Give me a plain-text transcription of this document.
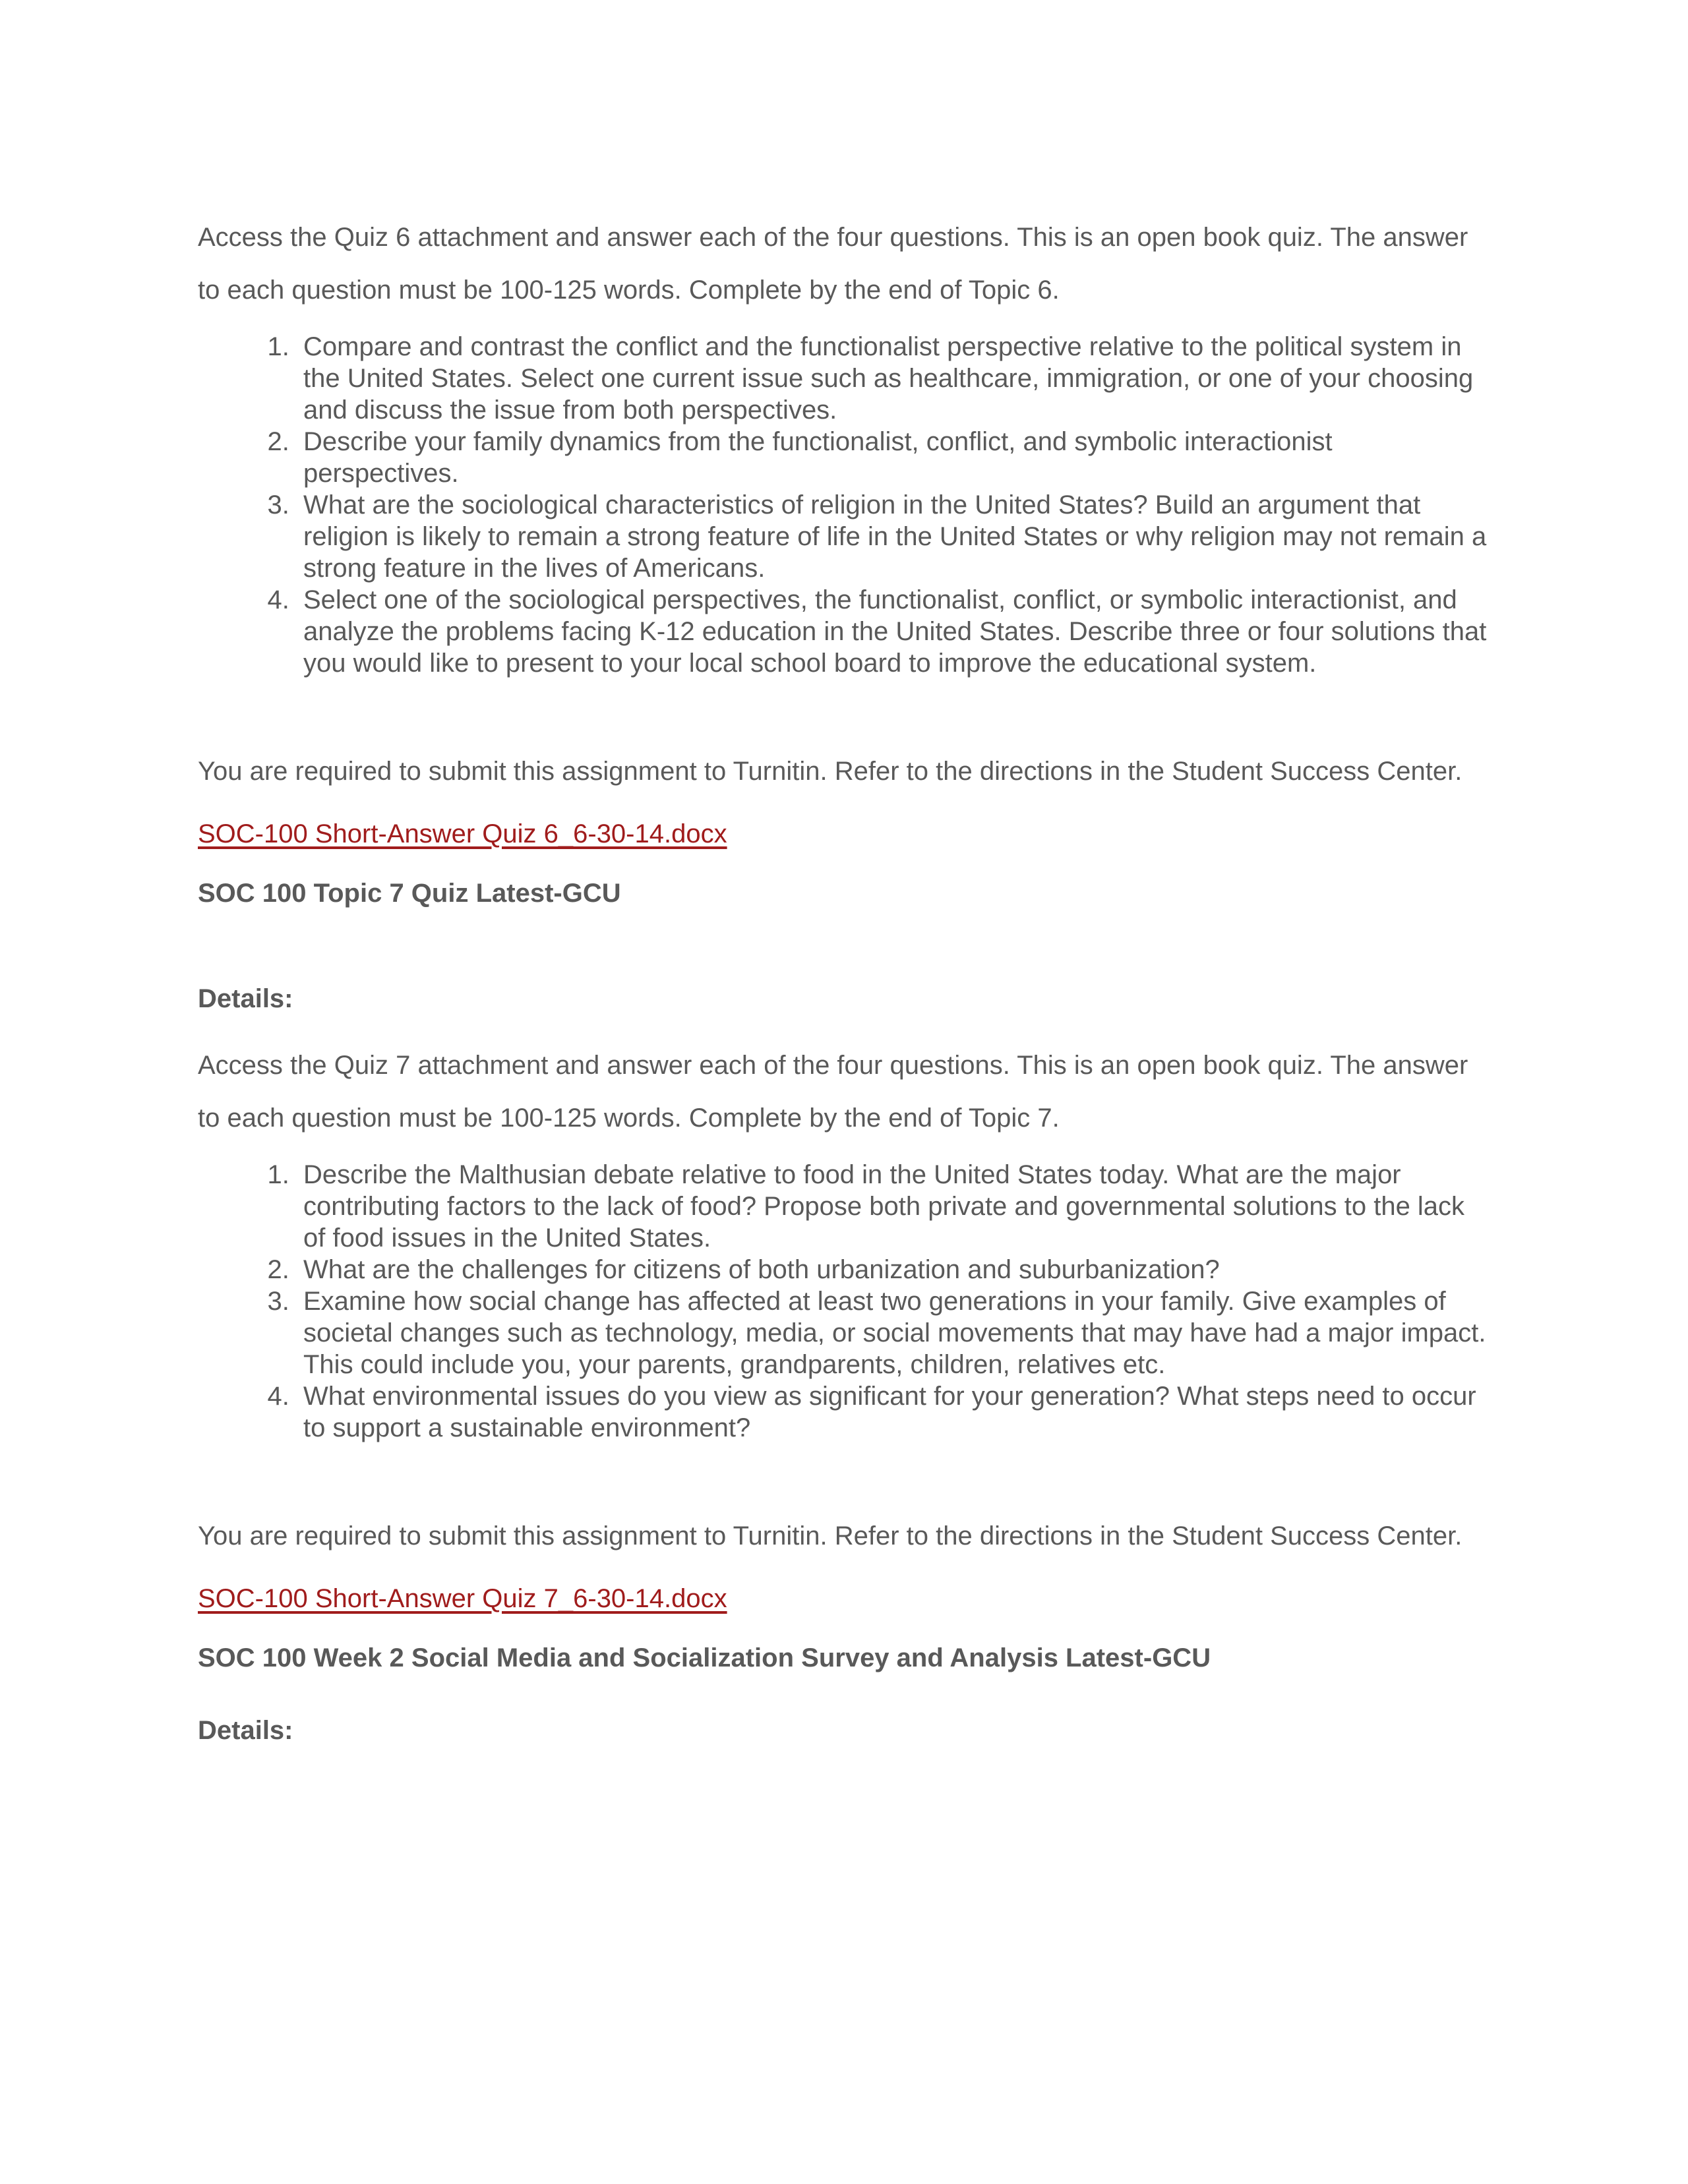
Access the Quiz 6 attachment and answer each of the four questions. This is an open book quiz. The answer to each question must be 100-125 words. Complete by the end of Topic 6.

1. Compare and contrast the conflict and the functionalist perspective relative to the political system in the United States. Select one current issue such as healthcare, immigration, or one of your choosing and discuss the issue from both perspectives.
2. Describe your family dynamics from the functionalist, conflict, and symbolic interactionist perspectives.
3. What are the sociological characteristics of religion in the United States? Build an argument that religion is likely to remain a strong feature of life in the United States or why religion may not remain a strong feature in the lives of Americans.
4. Select one of the sociological perspectives, the functionalist, conflict, or symbolic interactionist, and analyze the problems facing K-12 education in the United States. Describe three or four solutions that you would like to present to your local school board to improve the educational system.

You are required to submit this assignment to Turnitin. Refer to the directions in the Student Success Center.

SOC-100 Short-Answer Quiz 6_6-30-14.docx

SOC 100 Topic 7 Quiz Latest-GCU

Details:

Access the Quiz 7 attachment and answer each of the four questions. This is an open book quiz. The answer to each question must be 100-125 words. Complete by the end of Topic 7.

1. Describe the Malthusian debate relative to food in the United States today. What are the major contributing factors to the lack of food? Propose both private and governmental solutions to the lack of food issues in the United States.
2. What are the challenges for citizens of both urbanization and suburbanization?
3. Examine how social change has affected at least two generations in your family. Give examples of societal changes such as technology, media, or social movements that may have had a major impact. This could include you, your parents, grandparents, children, relatives etc.
4. What environmental issues do you view as significant for your generation? What steps need to occur to support a sustainable environment?

You are required to submit this assignment to Turnitin. Refer to the directions in the Student Success Center.

SOC-100 Short-Answer Quiz 7_6-30-14.docx

SOC 100 Week 2 Social Media and Socialization Survey and Analysis Latest-GCU

Details:
